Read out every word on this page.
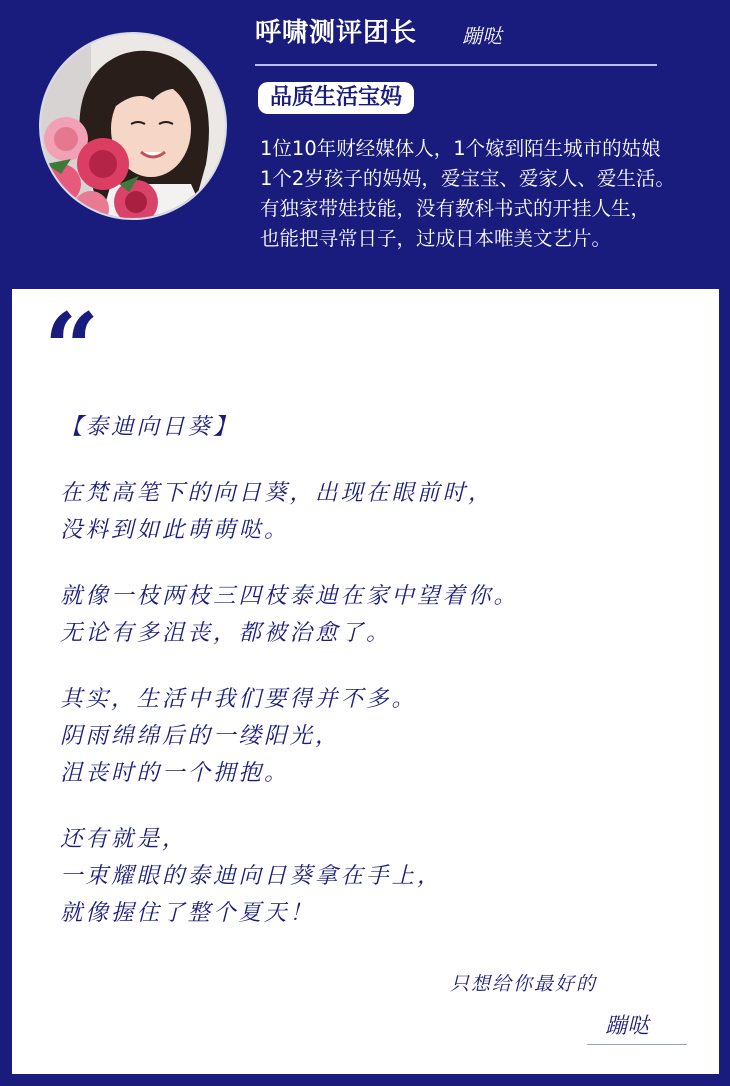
呼啸测评团长 蹦哒
品质生活宝妈
1位10年财经媒体人，1个嫁到陌生城市的姑娘
1个2岁孩子的妈妈，爱宝宝、爱家人、爱生活。
有独家带娃技能，没有教科书式的开挂人生，
也能把寻常日子，过成日本唯美文艺片。
“
【泰迪向日葵】
在梵高笔下的向日葵，出现在眼前时，
没料到如此萌萌哒。
就像一枝两枝三四枝泰迪在家中望着你。
无论有多沮丧，都被治愈了。
其实，生活中我们要得并不多。
阴雨绵绵后的一缕阳光，
沮丧时的一个拥抱。
还有就是，
一束耀眼的泰迪向日葵拿在手上，
就像握住了整个夏天！
只想给你最好的
蹦哒
